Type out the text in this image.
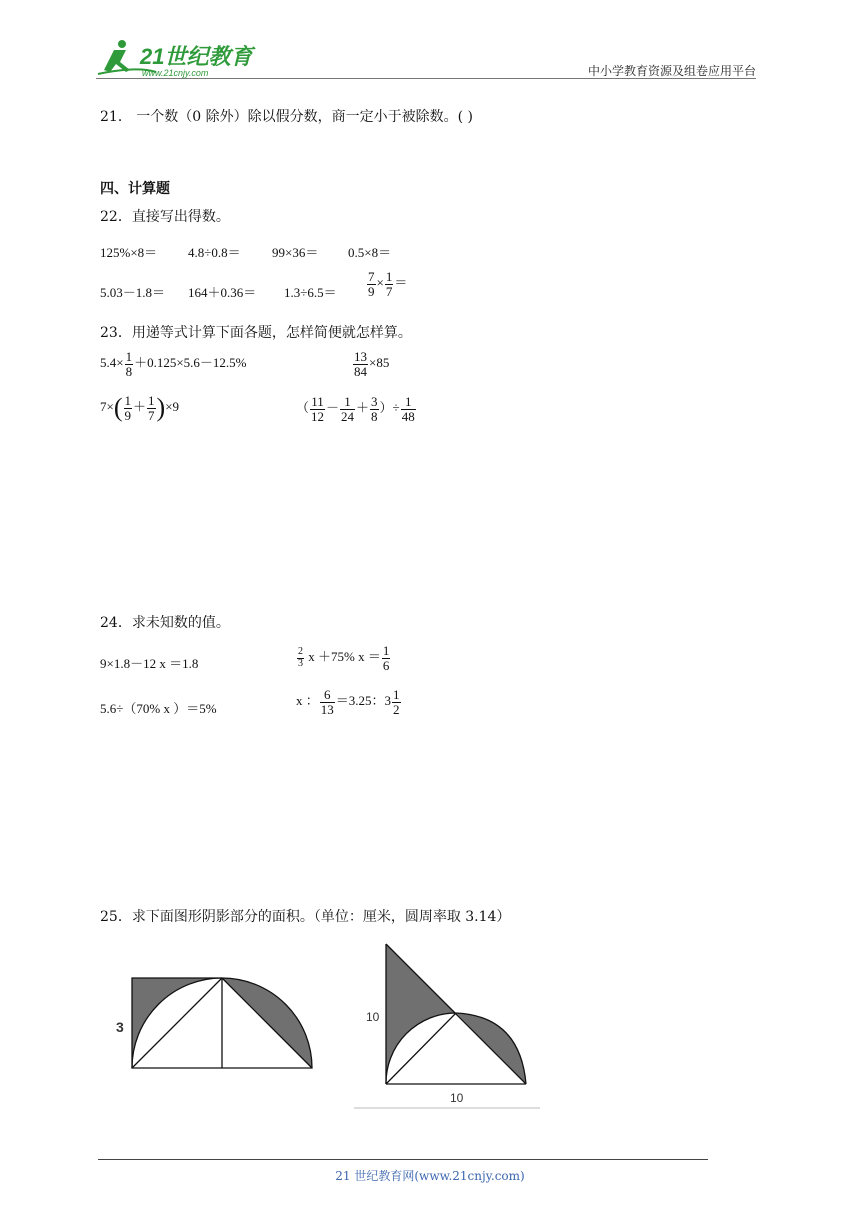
21世纪教育
www.21cnjy.com	中小学教育资源及组卷应用平台
21． 一个数（0 除外）除以假分数，商一定小于被除数。( )
四、计算题
22．直接写出得数。
125%×8＝ 4.8÷0.8＝ 99×36＝ 0.5×8＝
$5.03-1.8= 164+0.36= 1.3\div 6.5= \frac{7}{9} \times \frac{1}{7}$ ＝
23．用递等式计算下面各题，怎样简便就怎样算。
$5.4\times \frac{1}{8} +0.125\times 5.6-12.5\%$	$\frac{13}{84} \times 85$
$7\times( \frac{1}{9} + \frac{1}{7} )\times 9$	（ $\frac{11}{12} - \frac{1}{24} + \frac{3}{8}$ ）÷ $\frac{1}{48}$
24．求未知数的值。
9×1.8－12 x ＝1.8	$\frac{2}{3}$ x ＋75% $x = \frac{1}{6}$
5.6÷（70% x ）＝5%
x ： $\frac{6}{13} =3.25$：$3 \frac{1}{2}$
25．求下面图形阴影部分的面积。（单位：厘米，圆周率取 3.14）
3
10
10
21 世纪教育网(www.21cnjy.com)
